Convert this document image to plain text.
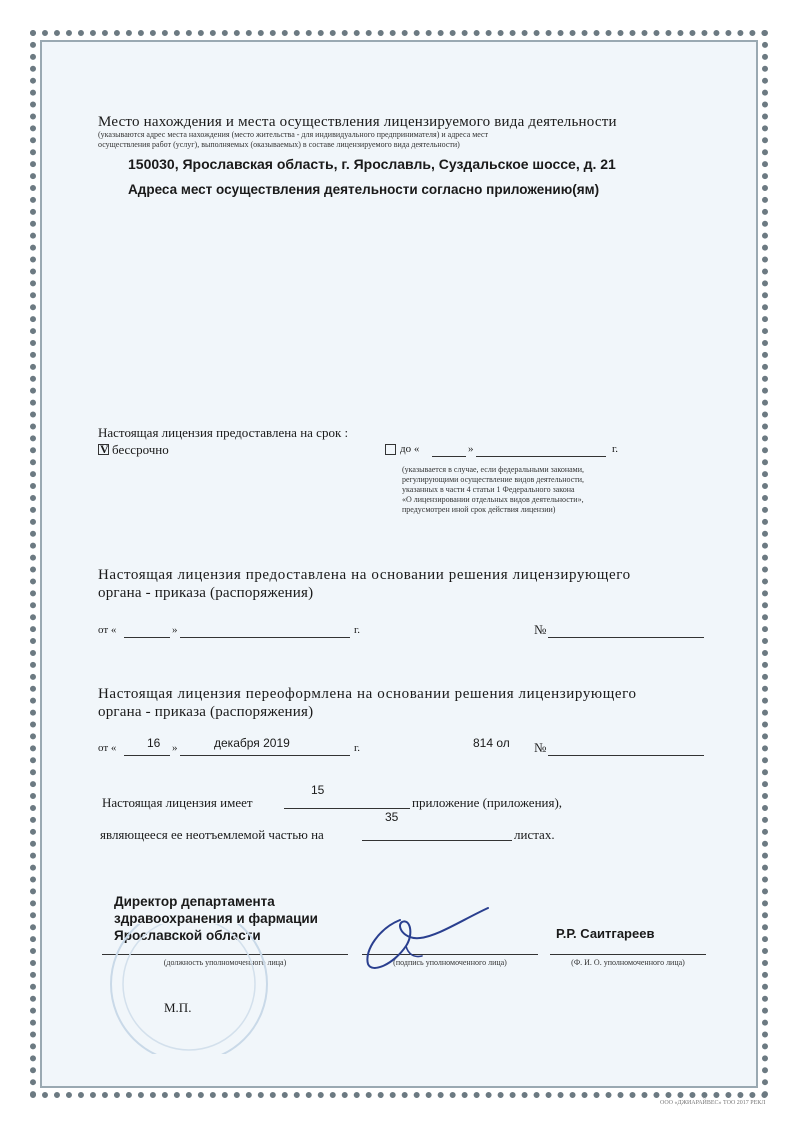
Место нахождения и места осуществления лицензируемого вида деятельности
(указываются адрес места нахождения (место жительства - для индивидуального предпринимателя) и адреса мест
осуществления работ (услуг), выполняемых (оказываемых) в составе лицензируемого вида деятельности)
150030, Ярославская область, г. Ярославль, Суздальское шоссе, д. 21
Адреса мест осуществления деятельности согласно приложению(ям)
Настоящая лицензия предоставлена на срок :
V бессрочно	до «	»	г.
(указывается в случае, если федеральными законами,
регулирующими осуществление видов деятельности,
указанных в части 4 статьи 1 Федерального закона
«О лицензировании отдельных видов деятельности»,
предусмотрен иной срок действия лицензии)
Настоящая лицензия предоставлена на основании решения лицензирующего
органа - приказа (распоряжения)
от «	»	г.	№
Настоящая лицензия переоформлена на основании решения лицензирующего
органа - приказа (распоряжения)
от «	16 »	декабря 2019	г.	814 ол №
Настоящая лицензия имеет
15
приложение (приложения),
35
являющееся ее неотъемлемой частью на	листах.
Директор департамента
здравоохранения и фармации
Ярославской области	Р.Р. Саитгареев
(должность уполномоченного лица)	(подпись уполномоченного лица)	(Ф. И. О. уполномоченного лица)
М.П.
ООО «ДЖИАРАЙВЕС» ТОО 2017 РЕКЛ
